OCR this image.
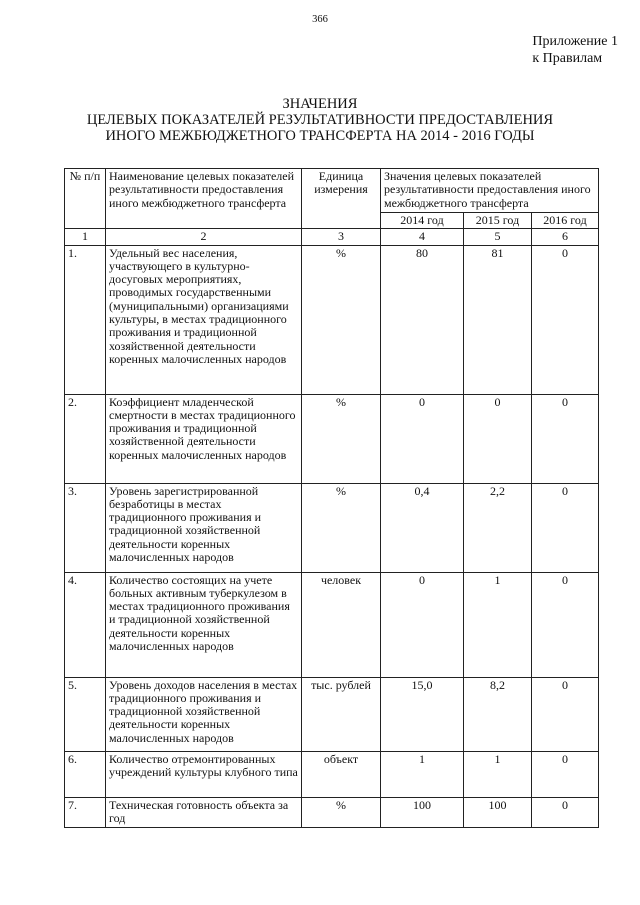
366
Приложение 1
к Правилам
ЗНАЧЕНИЯ
ЦЕЛЕВЫХ ПОКАЗАТЕЛЕЙ РЕЗУЛЬТАТИВНОСТИ ПРЕДОСТАВЛЕНИЯ
ИНОГО МЕЖБЮДЖЕТНОГО ТРАНСФЕРТА НА 2014 - 2016 ГОДЫ
№ п/п	Наименование целевых показателей результативности предоставления иного межбюджетного трансферта	Единица измерения	Значения целевых показателей результативности предоставления иного межбюджетного трансферта		
			2014 год	2015 год	2016 год
1	2	3	4	5	6
1.	Удельный вес населения, участвующего в культурно-досуговых мероприятиях, проводимых государственными (муниципальными) организациями культуры, в местах традиционного проживания и традиционной хозяйственной деятельности коренных малочисленных народов	%	80	81	0
2.	Коэффициент младенческой смертности в местах традиционного проживания и традиционной хозяйственной деятельности коренных малочисленных народов	%	0	0	0
3.	Уровень зарегистрированной безработицы в местах традиционного проживания и традиционной хозяйственной деятельности коренных малочисленных народов	%	0,4	2,2	0
4.	Количество состоящих на учете больных активным туберкулезом в местах традиционного проживания и традиционной хозяйственной деятельности коренных малочисленных народов	человек	0	1	0
5.	Уровень доходов населения в местах традиционного проживания и традиционной хозяйственной деятельности коренных малочисленных народов	тыс. рублей	15,0	8,2	0
6.	Количество отремонтированных учреждений культуры клубного типа	объект	1	1	0
7.	Техническая готовность объекта за год	%	100	100	0
